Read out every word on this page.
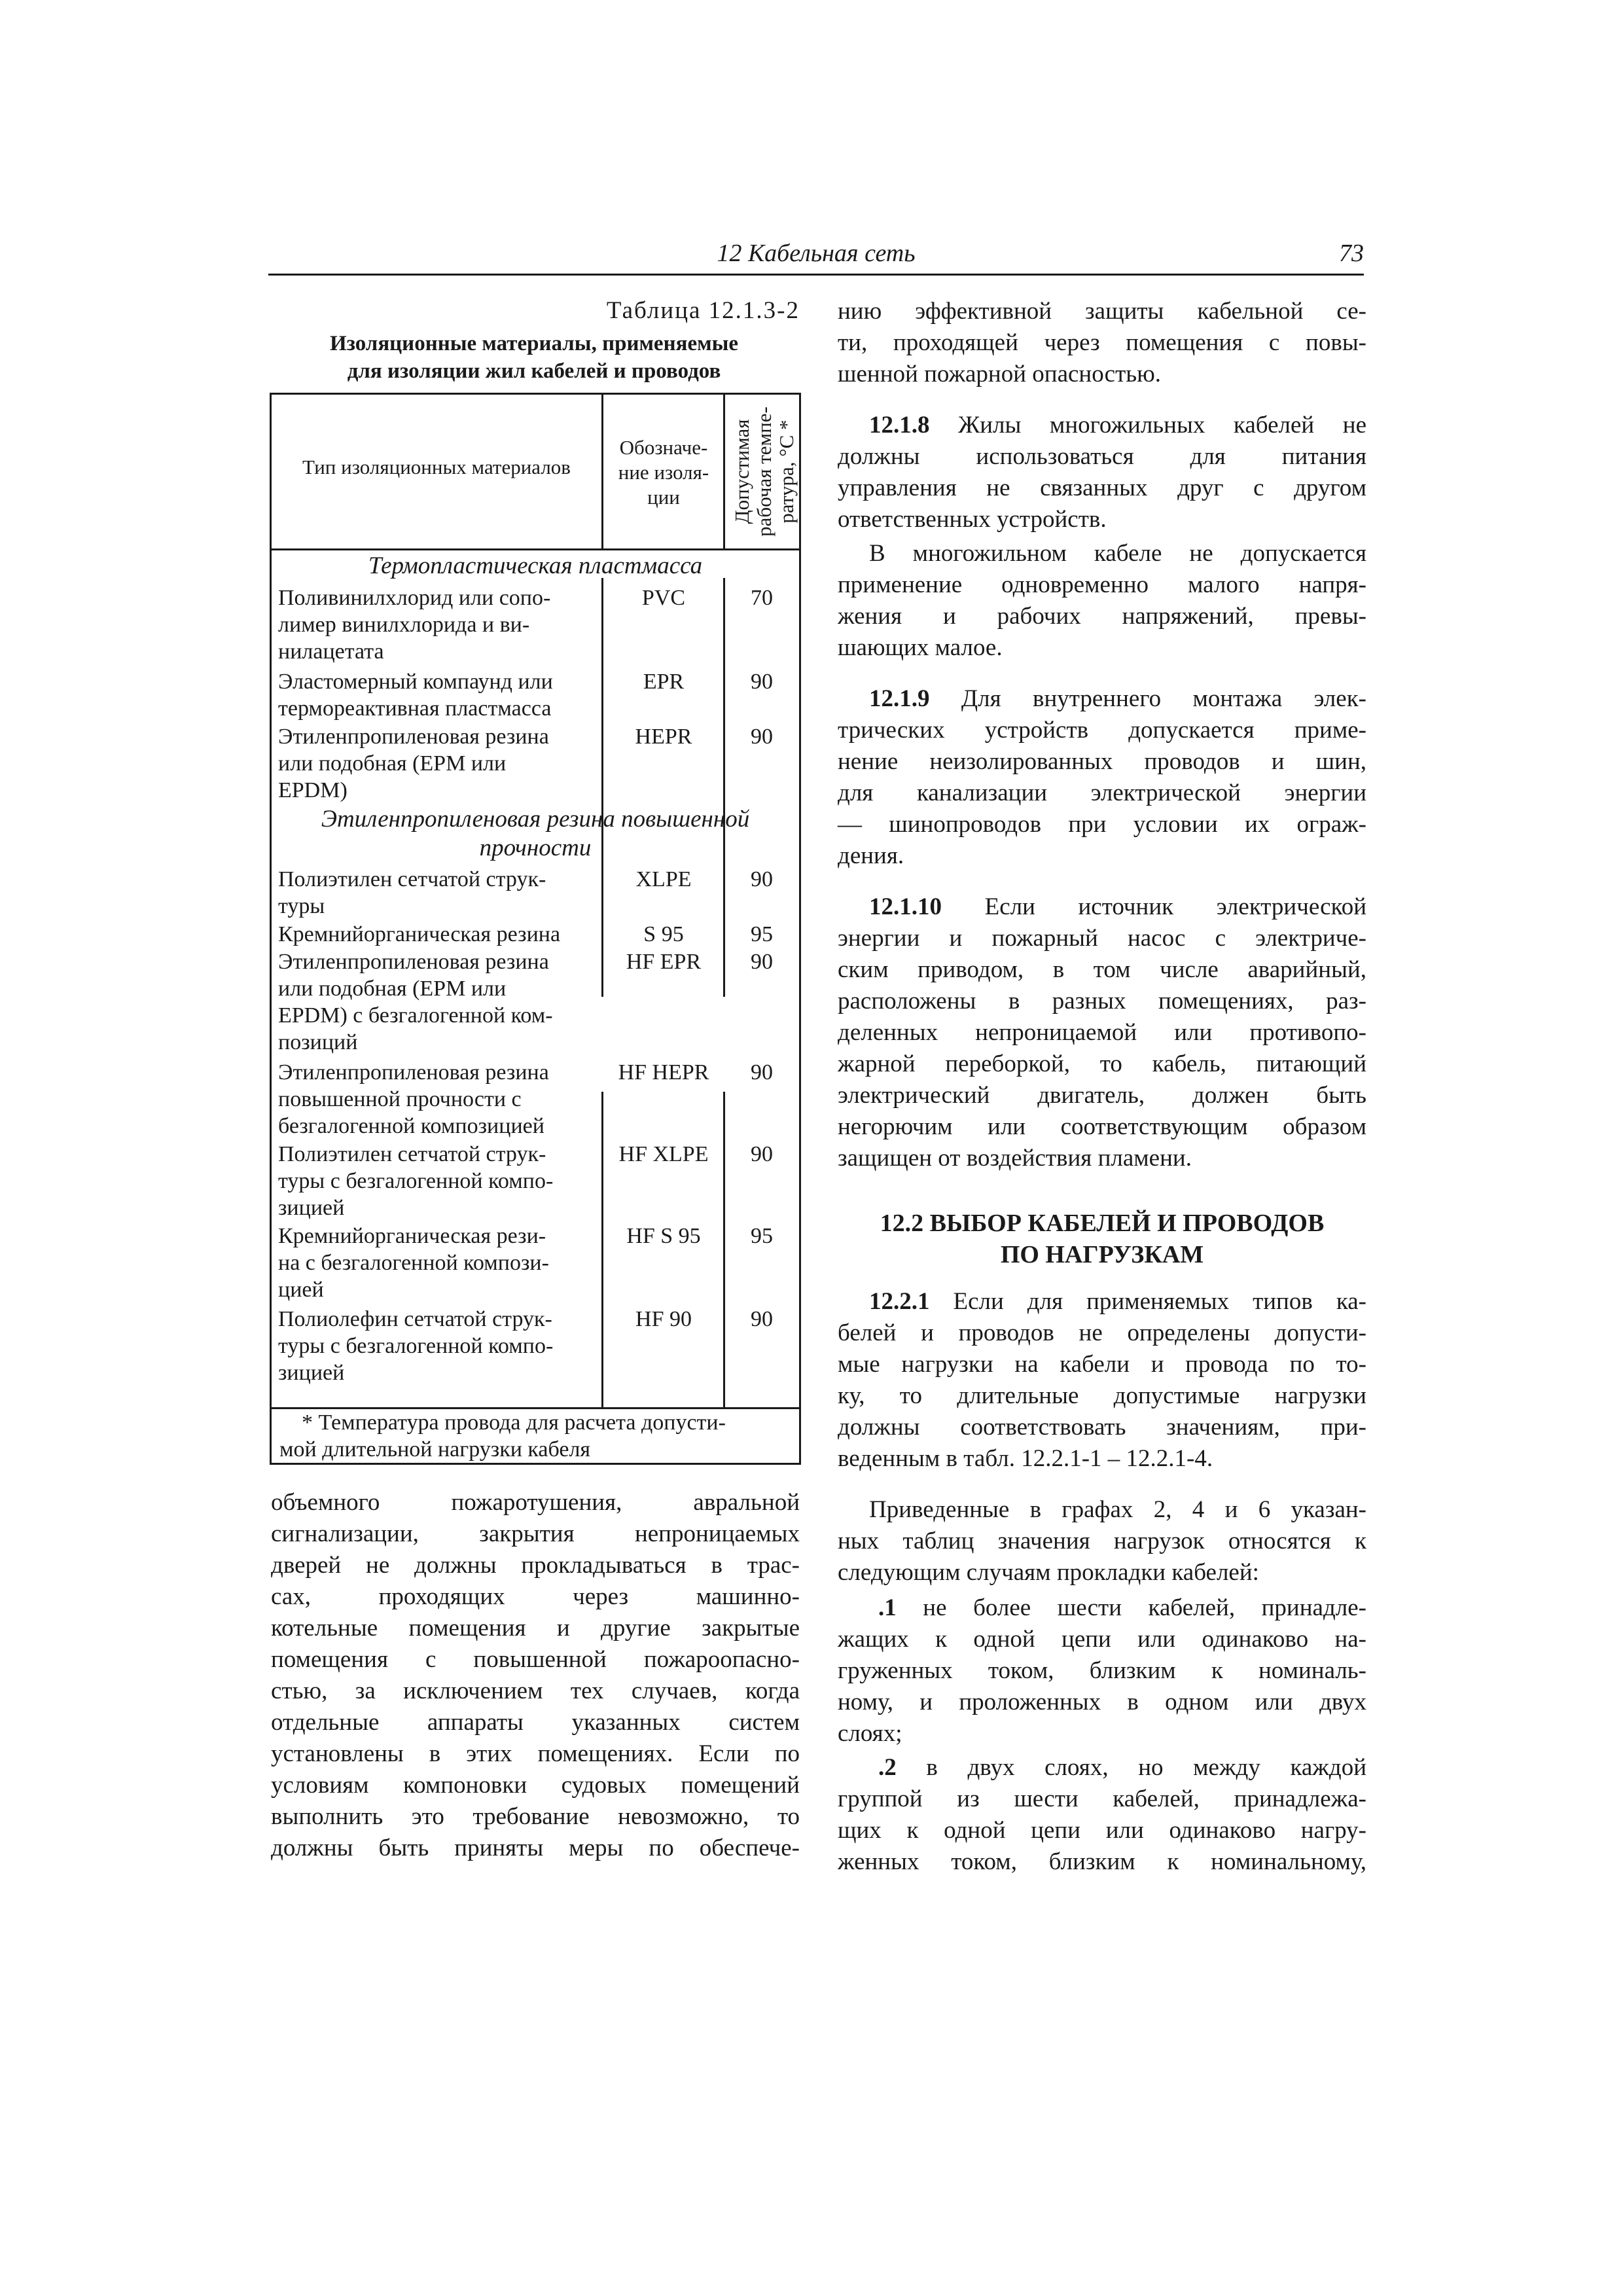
12 Кабельная сеть	73
Таблица 12.1.3-2
Изоляционные материалы, применяемые
для изоляции жил кабелей и проводов
Тип изоляционных материалов
Обозначе-
ние изоля-
ции	Допустимая рабочая темпе- ратура, °C *
Термопластическая пластмасса
Поливинилхлорид или сопо-
лимер винилхлорида и ви-
нилацетата
PVC	70
Эластомерный компаунд или
термореактивная пластмасса
EPR	90
Этиленпропиленовая резина
или подобная (EPM или
EPDM)
HEPR	90
Этиленпропиленовая резина повышенной
прочности
Полиэтилен сетчатой струк-
туры
XLPE	90
Кремнийорганическая резина	S 95	95
Этиленпропиленовая резина
или подобная (EPM или
EPDM) с безгалогенной ком-
позиций
HF EPR	90
Этиленпропиленовая резина
повышенной прочности с
безгалогенной композицией
HF HEPR	90
Полиэтилен сетчатой струк-
туры с безгалогенной компо-
зицией
HF XLPE	90
Кремнийорганическая рези-
на с безгалогенной компози-
цией
HF S 95	95
Полиолефин сетчатой струк-
туры с безгалогенной компо-
зицией
HF 90	90
* Температура провода для расчета допусти-
мой длительной нагрузки кабеля
объемного пожаротушения, авральной
сигнализации, закрытия непроницаемых
дверей не должны прокладываться в трас-
сах, проходящих через машинно-
котельные помещения и другие закрытые
помещения с повышенной пожароопасно-
стью, за исключением тех случаев, когда
отдельные аппараты указанных систем
установлены в этих помещениях. Если по
условиям компоновки судовых помещений
выполнить это требование невозможно, то
должны быть приняты меры по обеспече-
нию эффективной защиты кабельной се-
ти, проходящей через помещения с повы-
шенной пожарной опасностью.
12.1.8 Жилы многожильных кабелей не
должны использоваться для питания
управления не связанных друг с другом
ответственных устройств.
В многожильном кабеле не допускается
применение одновременно малого напря-
жения и рабочих напряжений, превы-
шающих малое.
12.1.9 Для внутреннего монтажа элек-
трических устройств допускается приме-
нение неизолированных проводов и шин,
для канализации электрической энергии
— шинопроводов при условии их ограж-
дения.
12.1.10 Если источник электрической
энергии и пожарный насос с электриче-
ским приводом, в том числе аварийный,
расположены в разных помещениях, раз-
деленных непроницаемой или противопо-
жарной переборкой, то кабель, питающий
электрический двигатель, должен быть
негорючим или соответствующим образом
защищен от воздействия пламени.
12.2 ВЫБОР КАБЕЛЕЙ И ПРОВОДОВ
ПО НАГРУЗКАМ
12.2.1 Если для применяемых типов ка-
белей и проводов не определены допусти-
мые нагрузки на кабели и провода по то-
ку, то длительные допустимые нагрузки
должны соответствовать значениям, при-
веденным в табл. 12.2.1-1 – 12.2.1-4.
Приведенные в графах 2, 4 и 6 указан-
ных таблиц значения нагрузок относятся к
следующим случаям прокладки кабелей:
.1 не более шести кабелей, принадле-
жащих к одной цепи или одинаково на-
груженных током, близким к номиналь-
ному, и проложенных в одном или двух
слоях;
.2 в двух слоях, но между каждой
группой из шести кабелей, принадлежа-
щих к одной цепи или одинаково нагру-
женных током, близким к номинальному,
